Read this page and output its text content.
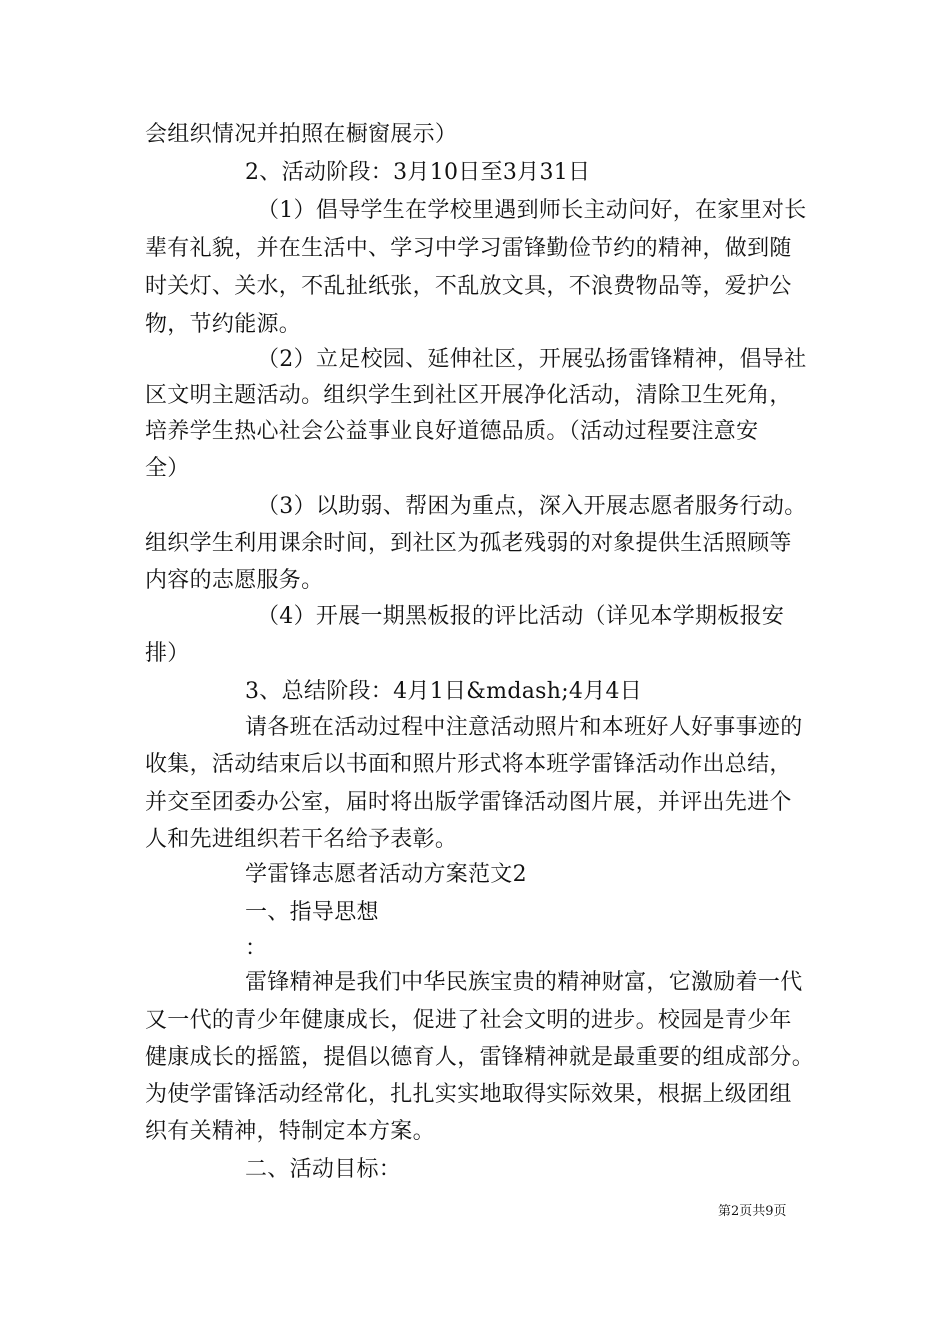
会组织情况并拍照在橱窗展示）
2、活动阶段：3月10日至3月31日
（1）倡导学生在学校里遇到师长主动问好，在家里对长
辈有礼貌，并在生活中、学习中学习雷锋勤俭节约的精神，做到随
时关灯、关水，不乱扯纸张，不乱放文具，不浪费物品等，爱护公
物，节约能源。
（2）立足校园、延伸社区，开展弘扬雷锋精神，倡导社
区文明主题活动。组织学生到社区开展净化活动，清除卫生死角，
培养学生热心社会公益事业良好道德品质。（活动过程要注意安
全）
（3）以助弱、帮困为重点，深入开展志愿者服务行动。
组织学生利用课余时间，到社区为孤老残弱的对象提供生活照顾等
内容的志愿服务。
（4）开展一期黑板报的评比活动（详见本学期板报安
排）
3、总结阶段：4月1日&mdash;4月4日
请各班在活动过程中注意活动照片和本班好人好事事迹的
收集，活动结束后以书面和照片形式将本班学雷锋活动作出总结，
并交至团委办公室，届时将出版学雷锋活动图片展，并评出先进个
人和先进组织若干名给予表彰。
学雷锋志愿者活动方案范文2
一、指导思想
：
雷锋精神是我们中华民族宝贵的精神财富，它激励着一代
又一代的青少年健康成长，促进了社会文明的进步。校园是青少年
健康成长的摇篮，提倡以德育人，雷锋精神就是最重要的组成部分。
为使学雷锋活动经常化，扎扎实实地取得实际效果，根据上级团组
织有关精神，特制定本方案。
二、活动目标：
第2页共9页
